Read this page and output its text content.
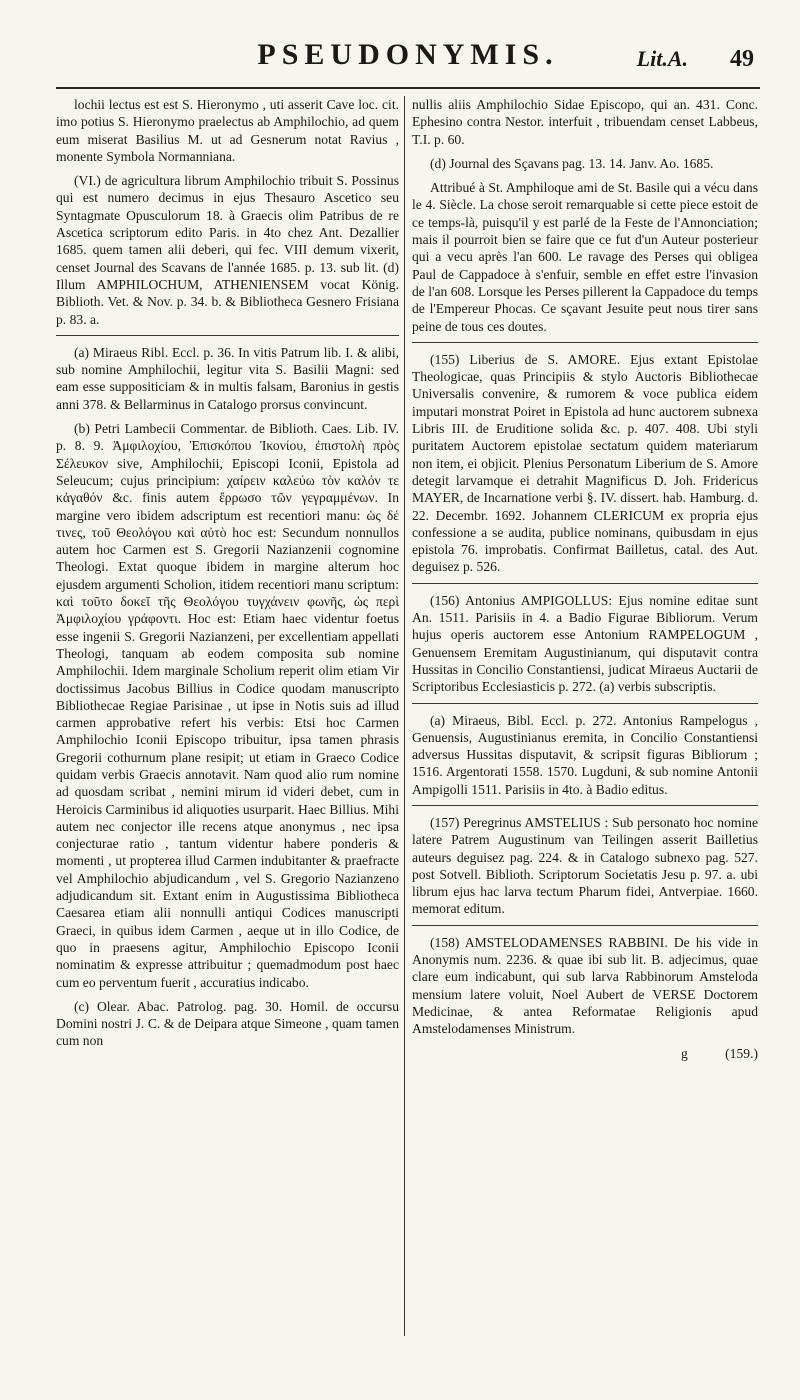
PSEUDONYMIS.	Lit.A. 49

lochii lectus est est S. Hieronymo , uti asserit Cave loc. cit. imo potius S. Hieronymo praelectus ab Amphilochio, ad quem eum miserat Basilius M. ut ad Gesnerum notat Ravius , monente Symbola Normanniana.

(VI.) de agricultura librum Amphilochio tribuit S. Possinus qui est numero decimus in ejus Thesauro Ascetico seu Syntagmate Opusculorum 18. à Graecis olim Patribus de re Ascetica scriptorum edito Paris. in 4to chez Ant. Dezallier 1685. quem tamen alii deberi, qui fec. VIII demum vixerit, censet Journal des Scavans de l'année 1685. p. 13. sub lit. (d) Illum AMPHILOCHUM, ATHENIENSEM vocat König. Biblioth. Vet. & Nov. p. 34. b. & Bibliotheca Gesnero Frisiana p. 83. a.

(a) Miraeus Ribl. Eccl. p. 36. In vitis Patrum lib. I. & alibi, sub nomine Amphilochii, legitur vita S. Basilii Magni: sed eam esse suppositiciam & in multis falsam, Baronius in gestis anni 378. & Bellarminus in Catalogo prorsus convincunt.

(b) Petri Lambecii Commentar. de Biblioth. Caes. Lib. IV. p. 8. 9. Ἀμφιλοχίου, Ἐπισκόπου Ἰκονίου, ἐπιστολὴ πρὸς Σέλευκον sive, Amphilochii, Episcopi Iconii, Epistola ad Seleucum; cujus principium: χαίρειν καλεύω τὸν καλόν τε κἀγαθόν &c. finis autem ἔρρωσο τῶν γεγραμμένων. In margine vero ibidem adscriptum est recentiori manu: ὡς δέ τινες, τοῦ Θεολόγου καὶ αὐτὸ hoc est: Secundum nonnullos autem hoc Carmen est S. Gregorii Nazianzenii cognomine Theologi. Extat quoque ibidem in margine alterum hoc ejusdem argumenti Scholion, itidem recentiori manu scriptum: καὶ τοῦτο δοκεῖ τῆς Θεολόγου τυγχάνειν φωνῆς, ὡς περὶ Ἀμφιλοχίου γράφοντι. Hoc est: Etiam haec videntur foetus esse ingenii S. Gregorii Nazianzeni, per excellentiam appellati Theologi, tanquam ab eodem composita sub nomine Amphilochii. Idem marginale Scholium reperit olim etiam Vir doctissimus Jacobus Billius in Codice quodam manuscripto Bibliothecae Regiae Parisinae , ut ipse in Notis suis ad illud carmen approbative refert his verbis: Etsi hoc Carmen Amphilochio Iconii Episcopo tribuitur, ipsa tamen phrasis Gregorii cothurnum plane resipit; ut etiam in Graeco Codice quidam verbis Graecis annotavit. Nam quod alio rum nomine ad quosdam scribat , nemini mirum id videri debet, cum in Heroicis Carminibus id aliquoties usurparit. Haec Billius. Mihi autem nec conjector ille recens atque anonymus , nec ipsa conjecturae ratio , tantum videntur habere ponderis & momenti , ut propterea illud Carmen indubitanter & praefracte vel Amphilochio abjudicandum , vel S. Gregorio Nazianzeno adjudicandum sit. Extant enim in Augustissima Bibliotheca Caesarea etiam alii nonnulli antiqui Codices manuscripti Graeci, in quibus idem Carmen , aeque ut in illo Codice, de quo in praesens agitur, Amphilochio Episcopo Iconii nominatim & expresse attribuitur ; quemadmodum post haec cum eo perventum fuerit , accuratius indicabo.

(c) Olear. Abac. Patrolog. pag. 30. Homil. de occursu Domini nostri J. C. & de Deipara atque Simeone , quam tamen cum non

nullis aliis Amphilochio Sidae Episcopo, qui an. 431. Conc. Ephesino contra Nestor. interfuit , tribuendam censet Labbeus, T.I. p. 60.

(d) Journal des Sçavans pag. 13. 14. Janv. Ao. 1685.

Attribué à St. Amphiloque ami de St. Basile qui a vécu dans le 4. Siècle. La chose seroit remarquable si cette piece estoit de ce temps-là, puisqu'il y est parlé de la Feste de l'Annonciation; mais il pourroit bien se faire que ce fut d'un Auteur posterieur qui a vecu après l'an 600. Le ravage des Perses qui obligea Paul de Cappadoce à s'enfuir, semble en effet estre l'invasion de l'an 608. Lorsque les Perses pillerent la Cappadoce du temps de l'Empereur Phocas. Ce sçavant Jesuite peut nous tirer sans peine de tous ces doutes.

(155) Liberius de S. AMORE. Ejus extant Epistolae Theologicae, quas Principiis & stylo Auctoris Bibliothecae Universalis convenire, & rumorem & voce publica eidem imputari monstrat Poiret in Epistola ad hunc auctorem subnexa Libris III. de Eruditione solida &c. p. 407. 408. Ubi styli puritatem Auctorem epistolae sectatum quidem materiarum non item, ei objicit. Plenius Personatum Liberium de S. Amore detegit larvamque ei detrahit Magnificus D. Joh. Fridericus MAYER, de Incarnatione verbi §. IV. dissert. hab. Hamburg. d. 22. Decembr. 1692. Johannem CLERICUM ex propria ejus confessione a se audita, publice nominans, quibusdam in ejus epistola 76. improbatis. Confirmat Bailletus, catal. des Aut. deguisez p. 526.

(156) Antonius AMPIGOLLUS: Ejus nomine editae sunt An. 1511. Parisiis in 4. a Badio Figurae Bibliorum. Verum hujus operis auctorem esse Antonium RAMPELOGUM , Genuensem Eremitam Augustinianum, qui disputavit contra Hussitas in Concilio Constantiensi, judicat Miraeus Auctarii de Scriptoribus Ecclesiasticis p. 272. (a) verbis subscriptis.

(a) Miraeus, Bibl. Eccl. p. 272. Antonius Rampelogus , Genuensis, Augustinianus eremita, in Concilio Constantiensi adversus Hussitas disputavit, & scripsit figuras Bibliorum ; 1516. Argentorati 1558. 1570. Lugduni, & sub nomine Antonii Ampigolli 1511. Parisiis in 4to. à Badio editus.

(157) Peregrinus AMSTELIUS : Sub personato hoc nomine latere Patrem Augustinum van Teilingen asserit Bailletius auteurs deguisez pag. 224. & in Catalogo subnexo pag. 527. post Sotvell. Biblioth. Scriptorum Societatis Jesu p. 97. a. ubi librum ejus hac larva tectum Pharum fidei, Antverpiae. 1660. memorat editum.

(158) AMSTELODAMENSES RABBINI. De his vide in Anonymis num. 2236. & quae ibi sub lit. B. adjecimus, quae clare eum indicabunt, qui sub larva Rabbinorum Amsteloda mensium latere voluit, Noel Aubert de VERSE Doctorem Medicinae, & antea Reformatae Religionis apud Amstelodamenses Ministrum.

g	(159.)
